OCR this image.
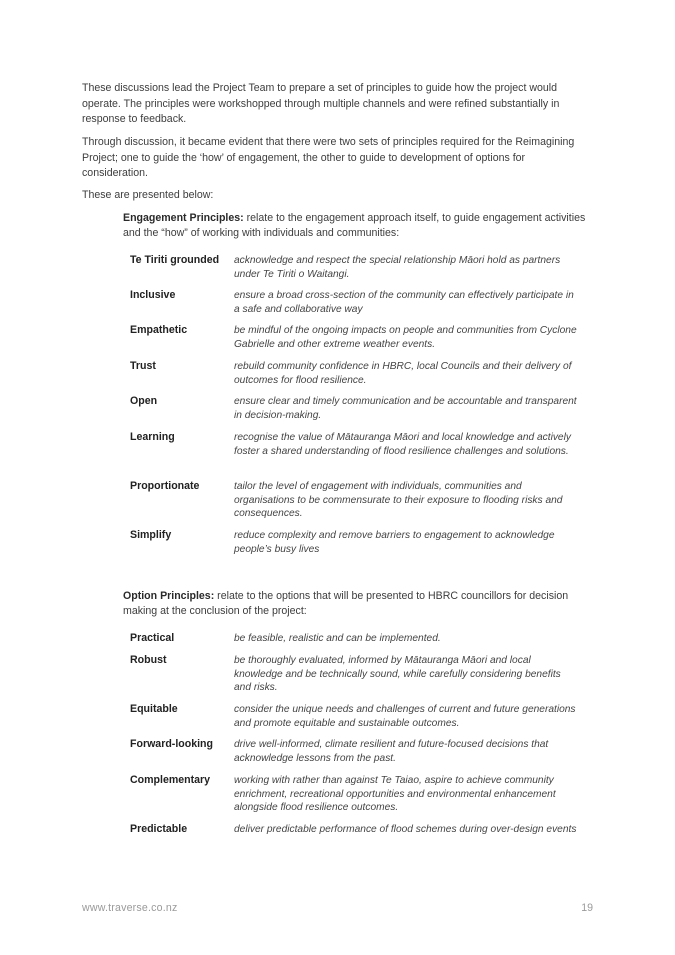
These discussions lead the Project Team to prepare a set of principles to guide how the project would operate. The principles were workshopped through multiple channels and were refined substantially in response to feedback.

Through discussion, it became evident that there were two sets of principles required for the Reimagining Project; one to guide the ‘how’ of engagement, the other to guide to development of options for consideration.

These are presented below:

Engagement Principles: relate to the engagement approach itself, to guide engagement activities and the “how” of working with individuals and communities:

Te Tiriti grounded	acknowledge and respect the special relationship Māori hold as partners under Te Tiriti o Waitangi.
Inclusive	ensure a broad cross-section of the community can effectively participate in a safe and collaborative way
Empathetic	be mindful of the ongoing impacts on people and communities from Cyclone Gabrielle and other extreme weather events.
Trust	rebuild community confidence in HBRC, local Councils and their delivery of outcomes for flood resilience.
Open	ensure clear and timely communication and be accountable and transparent in decision-making.
Learning	recognise the value of Mātauranga Māori and local knowledge and actively foster a shared understanding of flood resilience challenges and solutions.
Proportionate	tailor the level of engagement with individuals, communities and organisations to be commensurate to their exposure to flooding risks and consequences.
Simplify	reduce complexity and remove barriers to engagement to acknowledge people’s busy lives

Option Principles: relate to the options that will be presented to HBRC councillors for decision making at the conclusion of the project:

Practical	be feasible, realistic and can be implemented.
Robust	be thoroughly evaluated, informed by Mātauranga Māori and local knowledge and be technically sound, while carefully considering benefits and risks.
Equitable	consider the unique needs and challenges of current and future generations and promote equitable and sustainable outcomes.
Forward-looking	drive well-informed, climate resilient and future-focused decisions that acknowledge lessons from the past.
Complementary	working with rather than against Te Taiao, aspire to achieve community enrichment, recreational opportunities and environmental enhancement alongside flood resilience outcomes.
Predictable	deliver predictable performance of flood schemes during over-design events
www.traverse.co.nz	19
